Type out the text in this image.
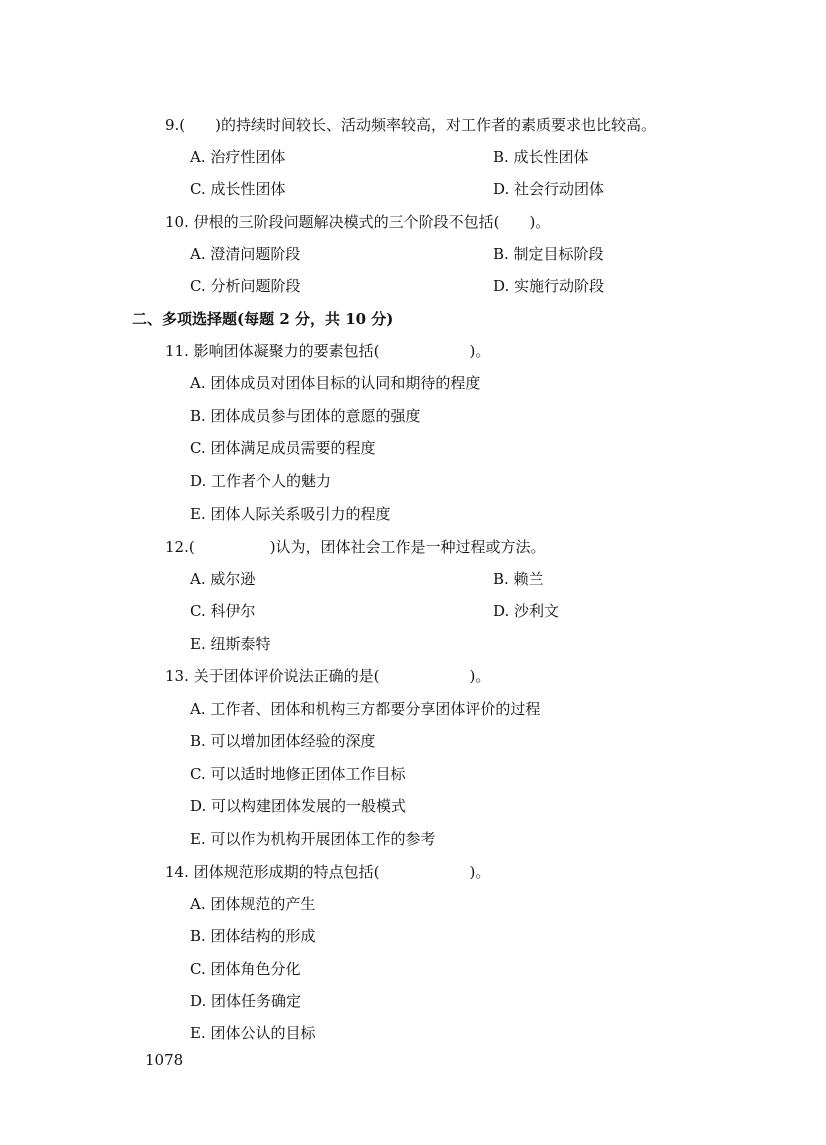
9.(　　)的持续时间较长、活动频率较高，对工作者的素质要求也比较高。
A. 治疗性团体	B. 成长性团体
C. 成长性团体	D. 社会行动团体
10. 伊根的三阶段问题解决模式的三个阶段不包括(　　)。
A. 澄清问题阶段	B. 制定目标阶段
C. 分析问题阶段	D. 实施行动阶段
二、多项选择题(每题 2 分，共 10 分)
11. 影响团体凝聚力的要素包括(　　　　　　)。
A. 团体成员对团体目标的认同和期待的程度
B. 团体成员参与团体的意愿的强度
C. 团体满足成员需要的程度
D. 工作者个人的魅力
E. 团体人际关系吸引力的程度
12.(　　　　　)认为，团体社会工作是一种过程或方法。
A. 威尔逊	B. 赖兰
C. 科伊尔	D. 沙利文
E. 纽斯泰特
13. 关于团体评价说法正确的是(　　　　　　)。
A. 工作者、团体和机构三方都要分享团体评价的过程
B. 可以增加团体经验的深度
C. 可以适时地修正团体工作目标
D. 可以构建团体发展的一般模式
E. 可以作为机构开展团体工作的参考
14. 团体规范形成期的特点包括(　　　　　　)。
A. 团体规范的产生
B. 团体结构的形成
C. 团体角色分化
D. 团体任务确定
E. 团体公认的目标
1078
